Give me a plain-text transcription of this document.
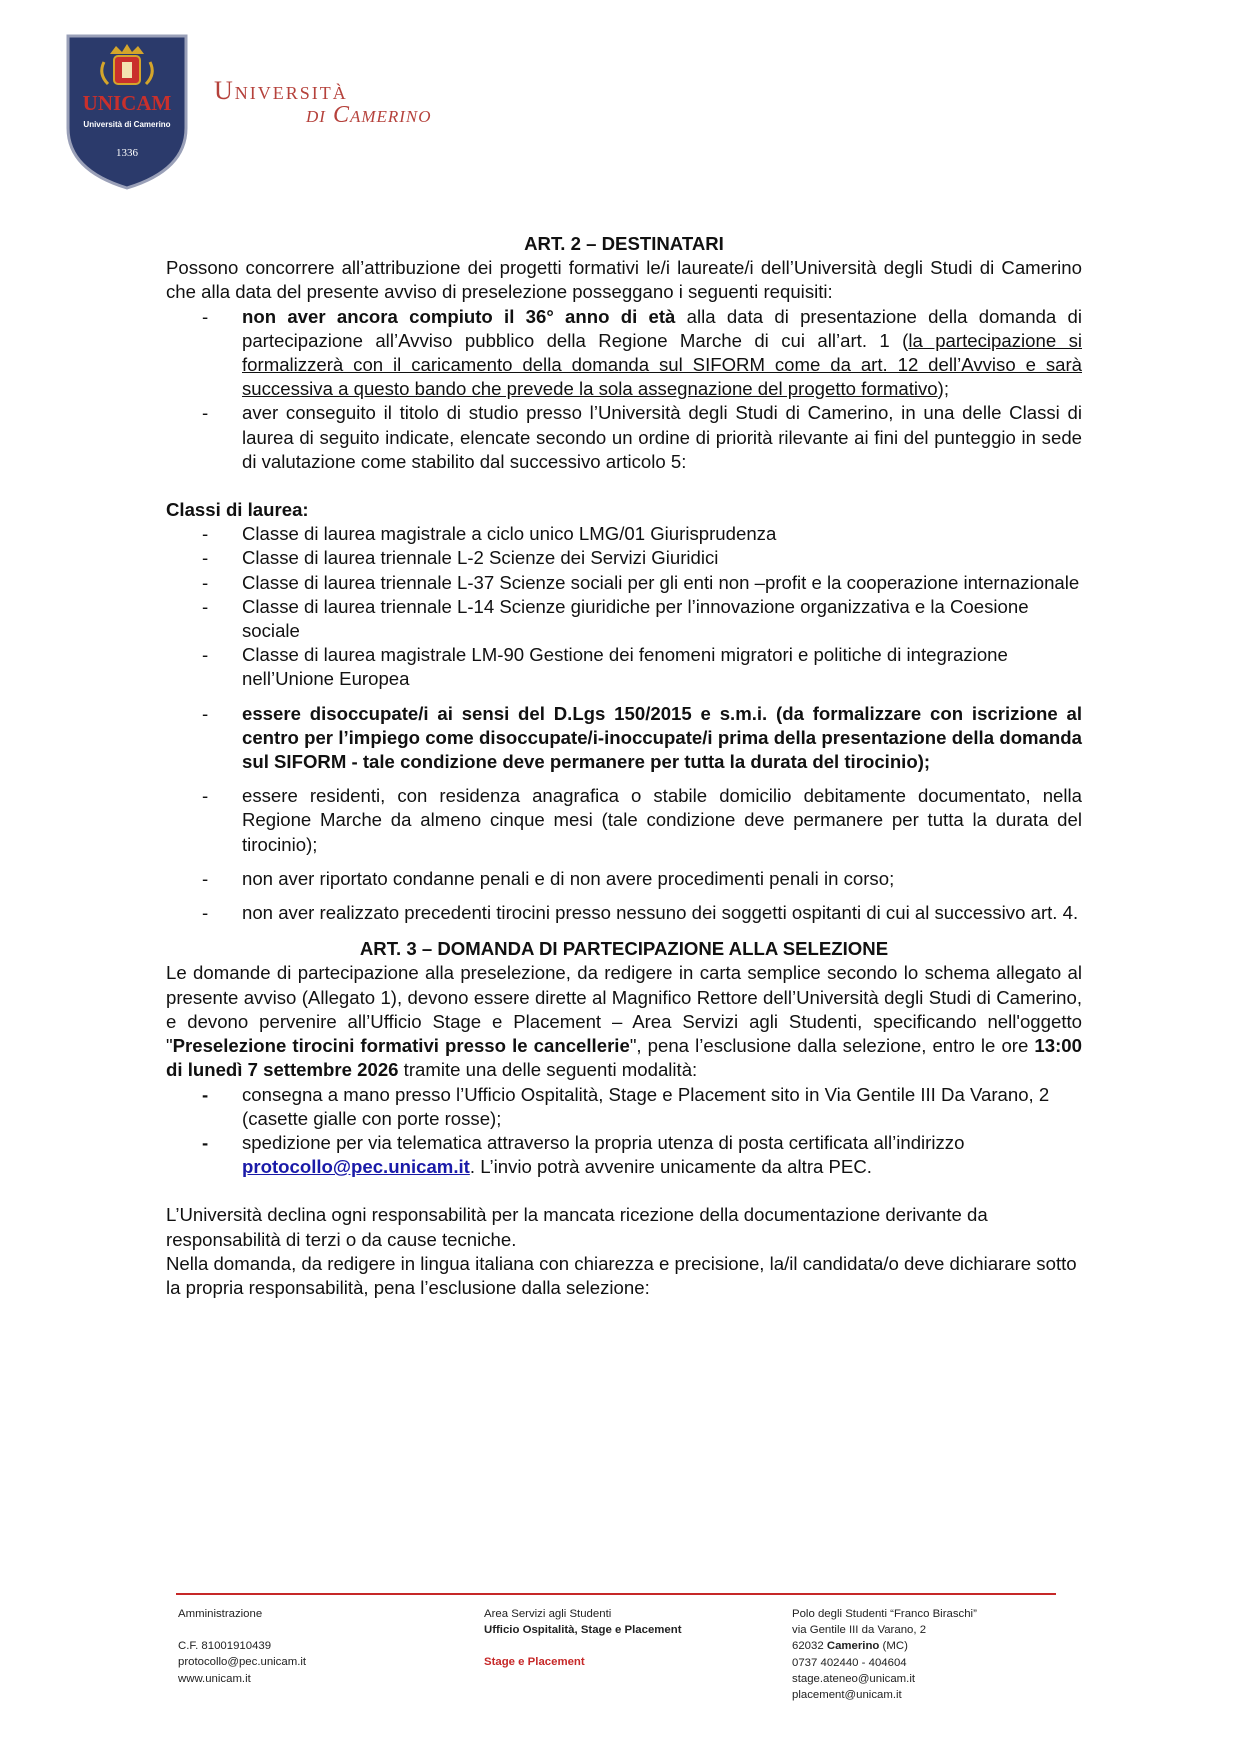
UNICAM
Università di Camerino
1336
Università
di Camerino
ART. 2 – DESTINATARI

Possono concorrere all’attribuzione dei progetti formativi le/i laureate/i dell’Università degli Studi di Camerino che alla data del presente avviso di preselezione posseggano i seguenti requisiti:

- non aver ancora compiuto il 36° anno di età alla data di presentazione della domanda di partecipazione all’Avviso pubblico della Regione Marche di cui all’art. 1 (la partecipazione si formalizzerà con il caricamento della domanda sul SIFORM come da art. 12 dell’Avviso e sarà successiva a questo bando che prevede la sola assegnazione del progetto formativo);
- aver conseguito il titolo di studio presso l’Università degli Studi di Camerino, in una delle Classi di laurea di seguito indicate, elencate secondo un ordine di priorità rilevante ai fini del punteggio in sede di valutazione come stabilito dal successivo articolo 5:
Classi di laurea:
- Classe di laurea magistrale a ciclo unico LMG/01 Giurisprudenza
- Classe di laurea triennale L-2 Scienze dei Servizi Giuridici
- Classe di laurea triennale L-37 Scienze sociali per gli enti non –profit e la cooperazione internazionale
- Classe di laurea triennale L-14 Scienze giuridiche per l’innovazione organizzativa e la Coesione sociale
- Classe di laurea magistrale LM-90 Gestione dei fenomeni migratori e politiche di integrazione nell’Unione Europea
- essere disoccupate/i ai sensi del D.Lgs 150/2015 e s.m.i. (da formalizzare con iscrizione al centro per l’impiego come disoccupate/i-inoccupate/i prima della presentazione della domanda sul SIFORM - tale condizione deve permanere per tutta la durata del tirocinio);
- essere residenti, con residenza anagrafica o stabile domicilio debitamente documentato, nella Regione Marche da almeno cinque mesi (tale condizione deve permanere per tutta la durata del tirocinio);
- non aver riportato condanne penali e di non avere procedimenti penali in corso;
- non aver realizzato precedenti tirocini presso nessuno dei soggetti ospitanti di cui al successivo art. 4.
ART. 3 – DOMANDA DI PARTECIPAZIONE ALLA SELEZIONE

Le domande di partecipazione alla preselezione, da redigere in carta semplice secondo lo schema allegato al presente avviso (Allegato 1), devono essere dirette al Magnifico Rettore dell’Università degli Studi di Camerino, e devono pervenire all’Ufficio Stage e Placement – Area Servizi agli Studenti, specificando nell'oggetto "Preselezione tirocini formativi presso le cancellerie", pena l’esclusione dalla selezione, entro le ore 13:00 di lunedì 7 settembre 2026 tramite una delle seguenti modalità:

- consegna a mano presso l’Ufficio Ospitalità, Stage e Placement sito in Via Gentile III Da Varano, 2 (casette gialle con porte rosse);
- spedizione per via telematica attraverso la propria utenza di posta certificata all’indirizzo protocollo@pec.unicam.it. L’invio potrà avvenire unicamente da altra PEC.

L’Università declina ogni responsabilità per la mancata ricezione della documentazione derivante da responsabilità di terzi o da cause tecniche.

Nella domanda, da redigere in lingua italiana con chiarezza e precisione, la/il candidata/o deve dichiarare sotto la propria responsabilità, pena l’esclusione dalla selezione:

Amministrazione
C.F. 81001910439
protocollo@pec.unicam.it
www.unicam.it
Area Servizi agli Studenti
Ufficio Ospitalità, Stage e Placement
Stage e Placement
Polo degli Studenti “Franco Biraschi”
via Gentile III da Varano, 2
62032 Camerino (MC)
0737 402440 - 404604
stage.ateneo@unicam.it
placement@unicam.it
